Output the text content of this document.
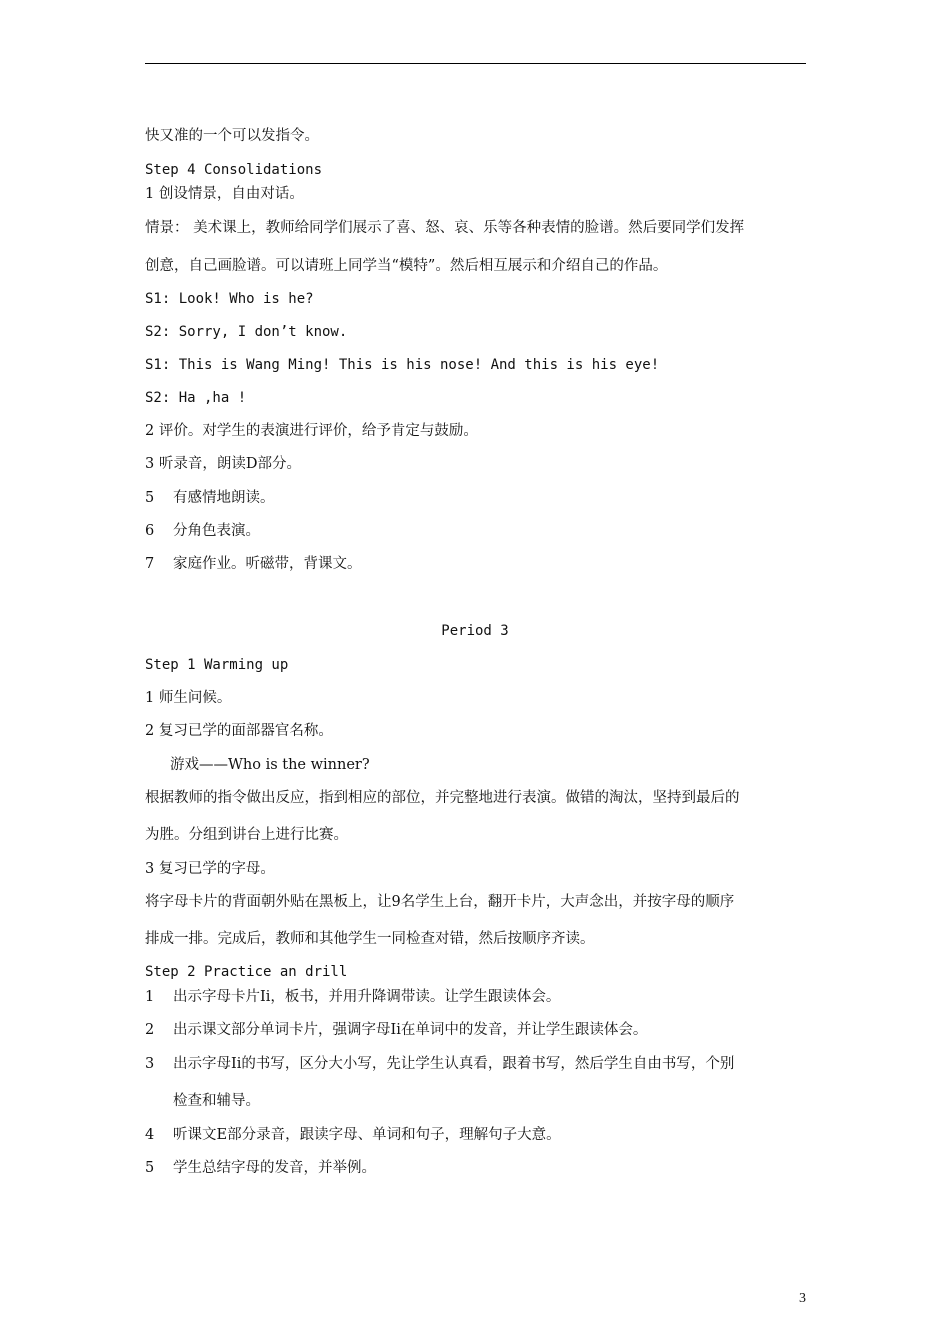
快又准的一个可以发指令。
Step 4 Consolidations
1 创设情景，自由对话。
情景： 美术课上，教师给同学们展示了喜、怒、哀、乐等各种表情的脸谱。然后要同学们发挥
创意，自己画脸谱。可以请班上同学当“模特”。然后相互展示和介绍自己的作品。
S1: Look! Who is he?
S2: Sorry, I don’t know.
S1: This is Wang Ming! This is his nose! And this is his eye!
S2: Ha ,ha !
2 评价。对学生的表演进行评价，给予肯定与鼓励。
3 听录音，朗读D部分。
5 有感情地朗读。
6 分角色表演。
7 家庭作业。听磁带，背课文。
Period 3
Step 1 Warming up
1 师生问候。
2 复习已学的面部器官名称。
游戏——Who is the winner?
根据教师的指令做出反应，指到相应的部位，并完整地进行表演。做错的淘汰，坚持到最后的
为胜。分组到讲台上进行比赛。
3 复习已学的字母。
将字母卡片的背面朝外贴在黑板上，让9名学生上台，翻开卡片，大声念出，并按字母的顺序
排成一排。完成后，教师和其他学生一同检查对错，然后按顺序齐读。
Step 2 Practice an drill
1 出示字母卡片Ii，板书，并用升降调带读。让学生跟读体会。
2 出示课文部分单词卡片，强调字母Ii在单词中的发音，并让学生跟读体会。
3 出示字母Ii的书写，区分大小写，先让学生认真看，跟着书写，然后学生自由书写，个别
检查和辅导。
4 听课文E部分录音，跟读字母、单词和句子，理解句子大意。
5 学生总结字母的发音，并举例。
3
